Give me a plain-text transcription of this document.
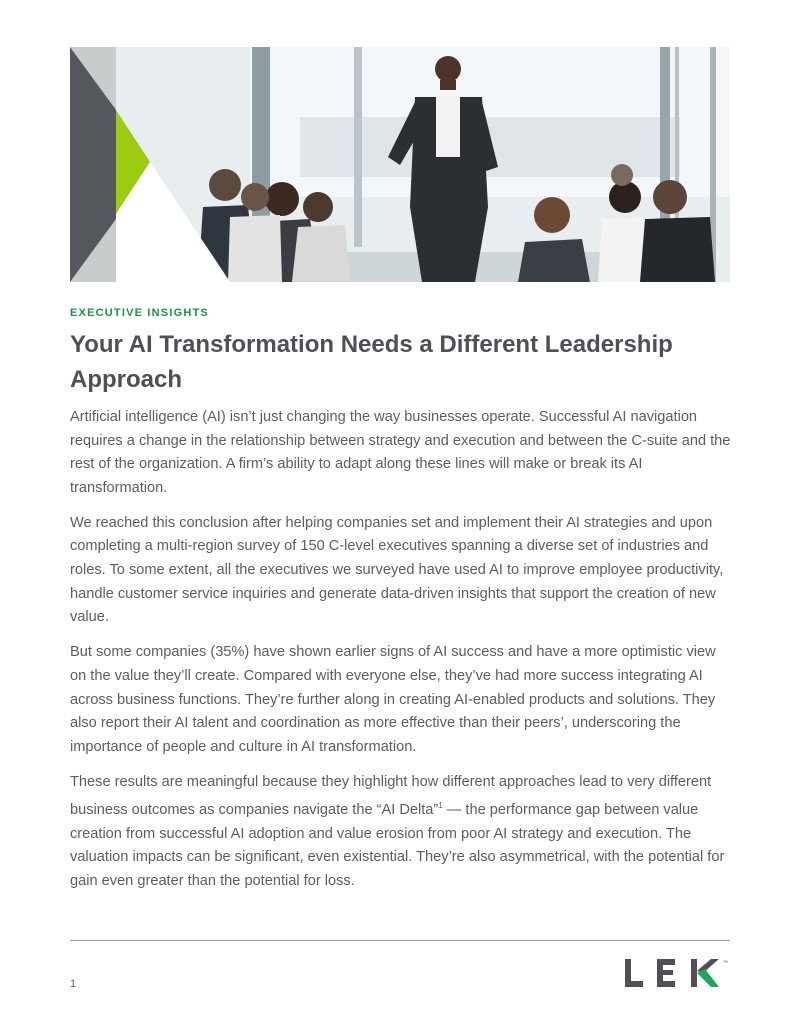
EXECUTIVE INSIGHTS
Your AI Transformation Needs a Different Leadership Approach

Artificial intelligence (AI) isn’t just changing the way businesses operate. Successful AI navigation requires a change in the relationship between strategy and execution and between the C-suite and the rest of the organization. A firm’s ability to adapt along these lines will make or break its AI transformation.

We reached this conclusion after helping companies set and implement their AI strategies and upon completing a multi-region survey of 150 C-level executives spanning a diverse set of industries and roles. To some extent, all the executives we surveyed have used AI to improve employee productivity, handle customer service inquiries and generate data-driven insights that support the creation of new value.

But some companies (35%) have shown earlier signs of AI success and have a more optimistic view on the value they’ll create. Compared with everyone else, they’ve had more success integrating AI across business functions. They’re further along in creating AI-enabled products and solutions. They also report their AI talent and coordination as more effective than their peers’, underscoring the importance of people and culture in AI transformation.

These results are meaningful because they highlight how different approaches lead to very different business outcomes as companies navigate the “AI Delta”$^1$ — the performance gap between value creation from successful AI adoption and value erosion from poor AI strategy and execution. The valuation impacts can be significant, even existential. They’re also asymmetrical, with the potential for gain even greater than the potential for loss.

1
™
